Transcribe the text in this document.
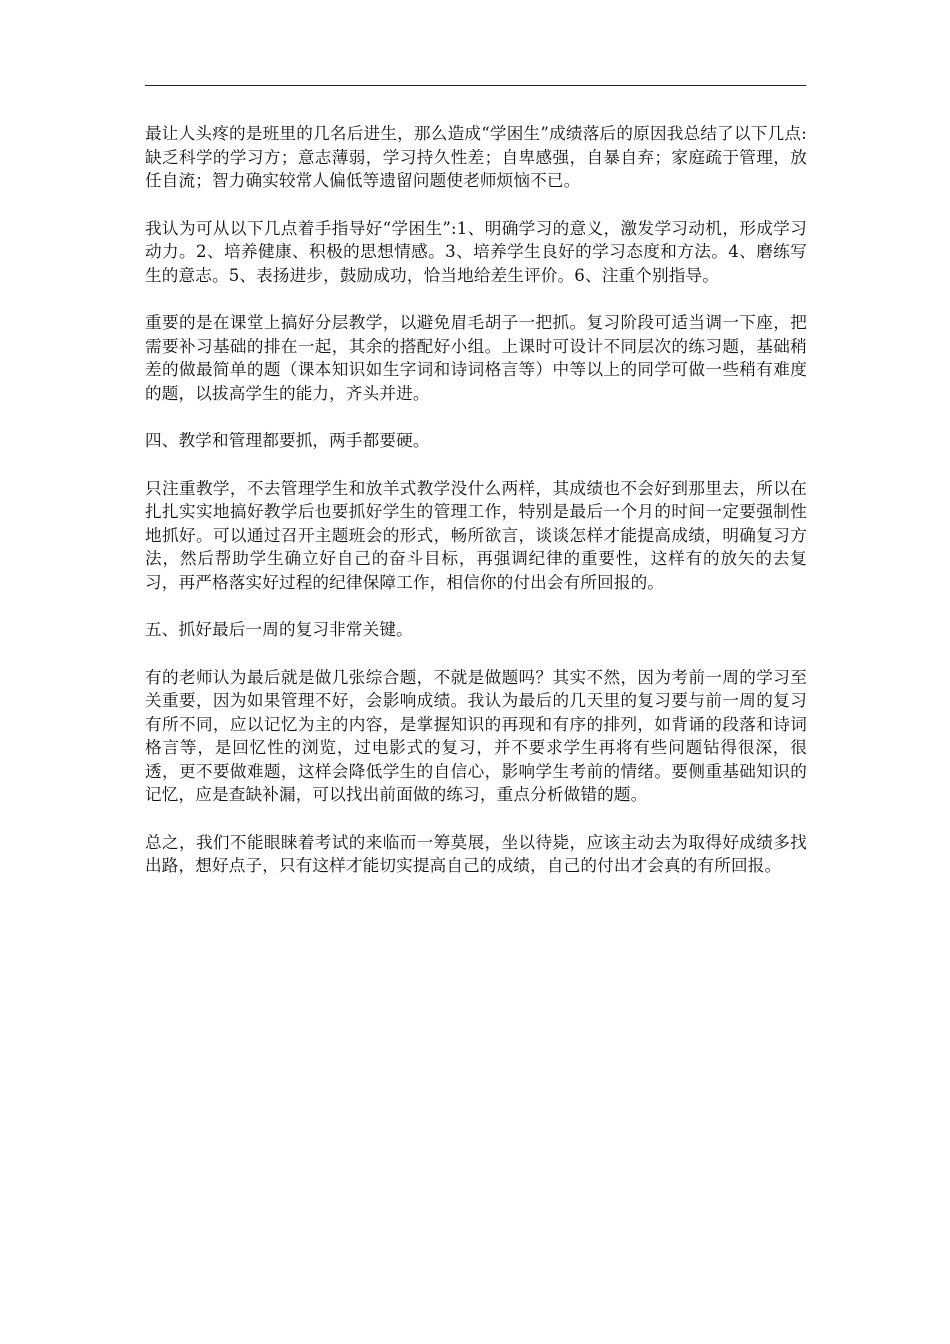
最让人头疼的是班里的几名后进生，那么造成“学困生”成绩落后的原因我总结了以下几点:缺乏科学的学习方；意志薄弱，学习持久性差；自卑感强，自暴自弃；家庭疏于管理，放任自流；智力确实较常人偏低等遗留问题使老师烦恼不已。

我认为可从以下几点着手指导好“学困生”:1、明确学习的意义，激发学习动机，形成学习动力。2、培养健康、积极的思想情感。3、培养学生良好的学习态度和方法。4、磨练写生的意志。5、表扬进步，鼓励成功，恰当地给差生评价。6、注重个别指导。

重要的是在课堂上搞好分层教学，以避免眉毛胡子一把抓。复习阶段可适当调一下座，把需要补习基础的排在一起，其余的搭配好小组。上课时可设计不同层次的练习题，基础稍差的做最简单的题（课本知识如生字词和诗词格言等）中等以上的同学可做一些稍有难度的题，以拔高学生的能力，齐头并进。

四、教学和管理都要抓，两手都要硬。

只注重教学，不去管理学生和放羊式教学没什么两样，其成绩也不会好到那里去，所以在扎扎实实地搞好教学后也要抓好学生的管理工作，特别是最后一个月的时间一定要强制性地抓好。可以通过召开主题班会的形式，畅所欲言，谈谈怎样才能提高成绩，明确复习方法，然后帮助学生确立好自己的奋斗目标，再强调纪律的重要性，这样有的放矢的去复习，再严格落实好过程的纪律保障工作，相信你的付出会有所回报的。

五、抓好最后一周的复习非常关键。

有的老师认为最后就是做几张综合题，不就是做题吗？其实不然，因为考前一周的学习至关重要，因为如果管理不好，会影响成绩。我认为最后的几天里的复习要与前一周的复习有所不同，应以记忆为主的内容，是掌握知识的再现和有序的排列，如背诵的段落和诗词格言等，是回忆性的浏览，过电影式的复习，并不要求学生再将有些问题钻得很深，很透，更不要做难题，这样会降低学生的自信心，影响学生考前的情绪。要侧重基础知识的记忆，应是查缺补漏，可以找出前面做的练习，重点分析做错的题。

总之，我们不能眼睐着考试的来临而一筹莫展，坐以待毙，应该主动去为取得好成绩多找出路，想好点子，只有这样才能切实提高自己的成绩，自己的付出才会真的有所回报。
